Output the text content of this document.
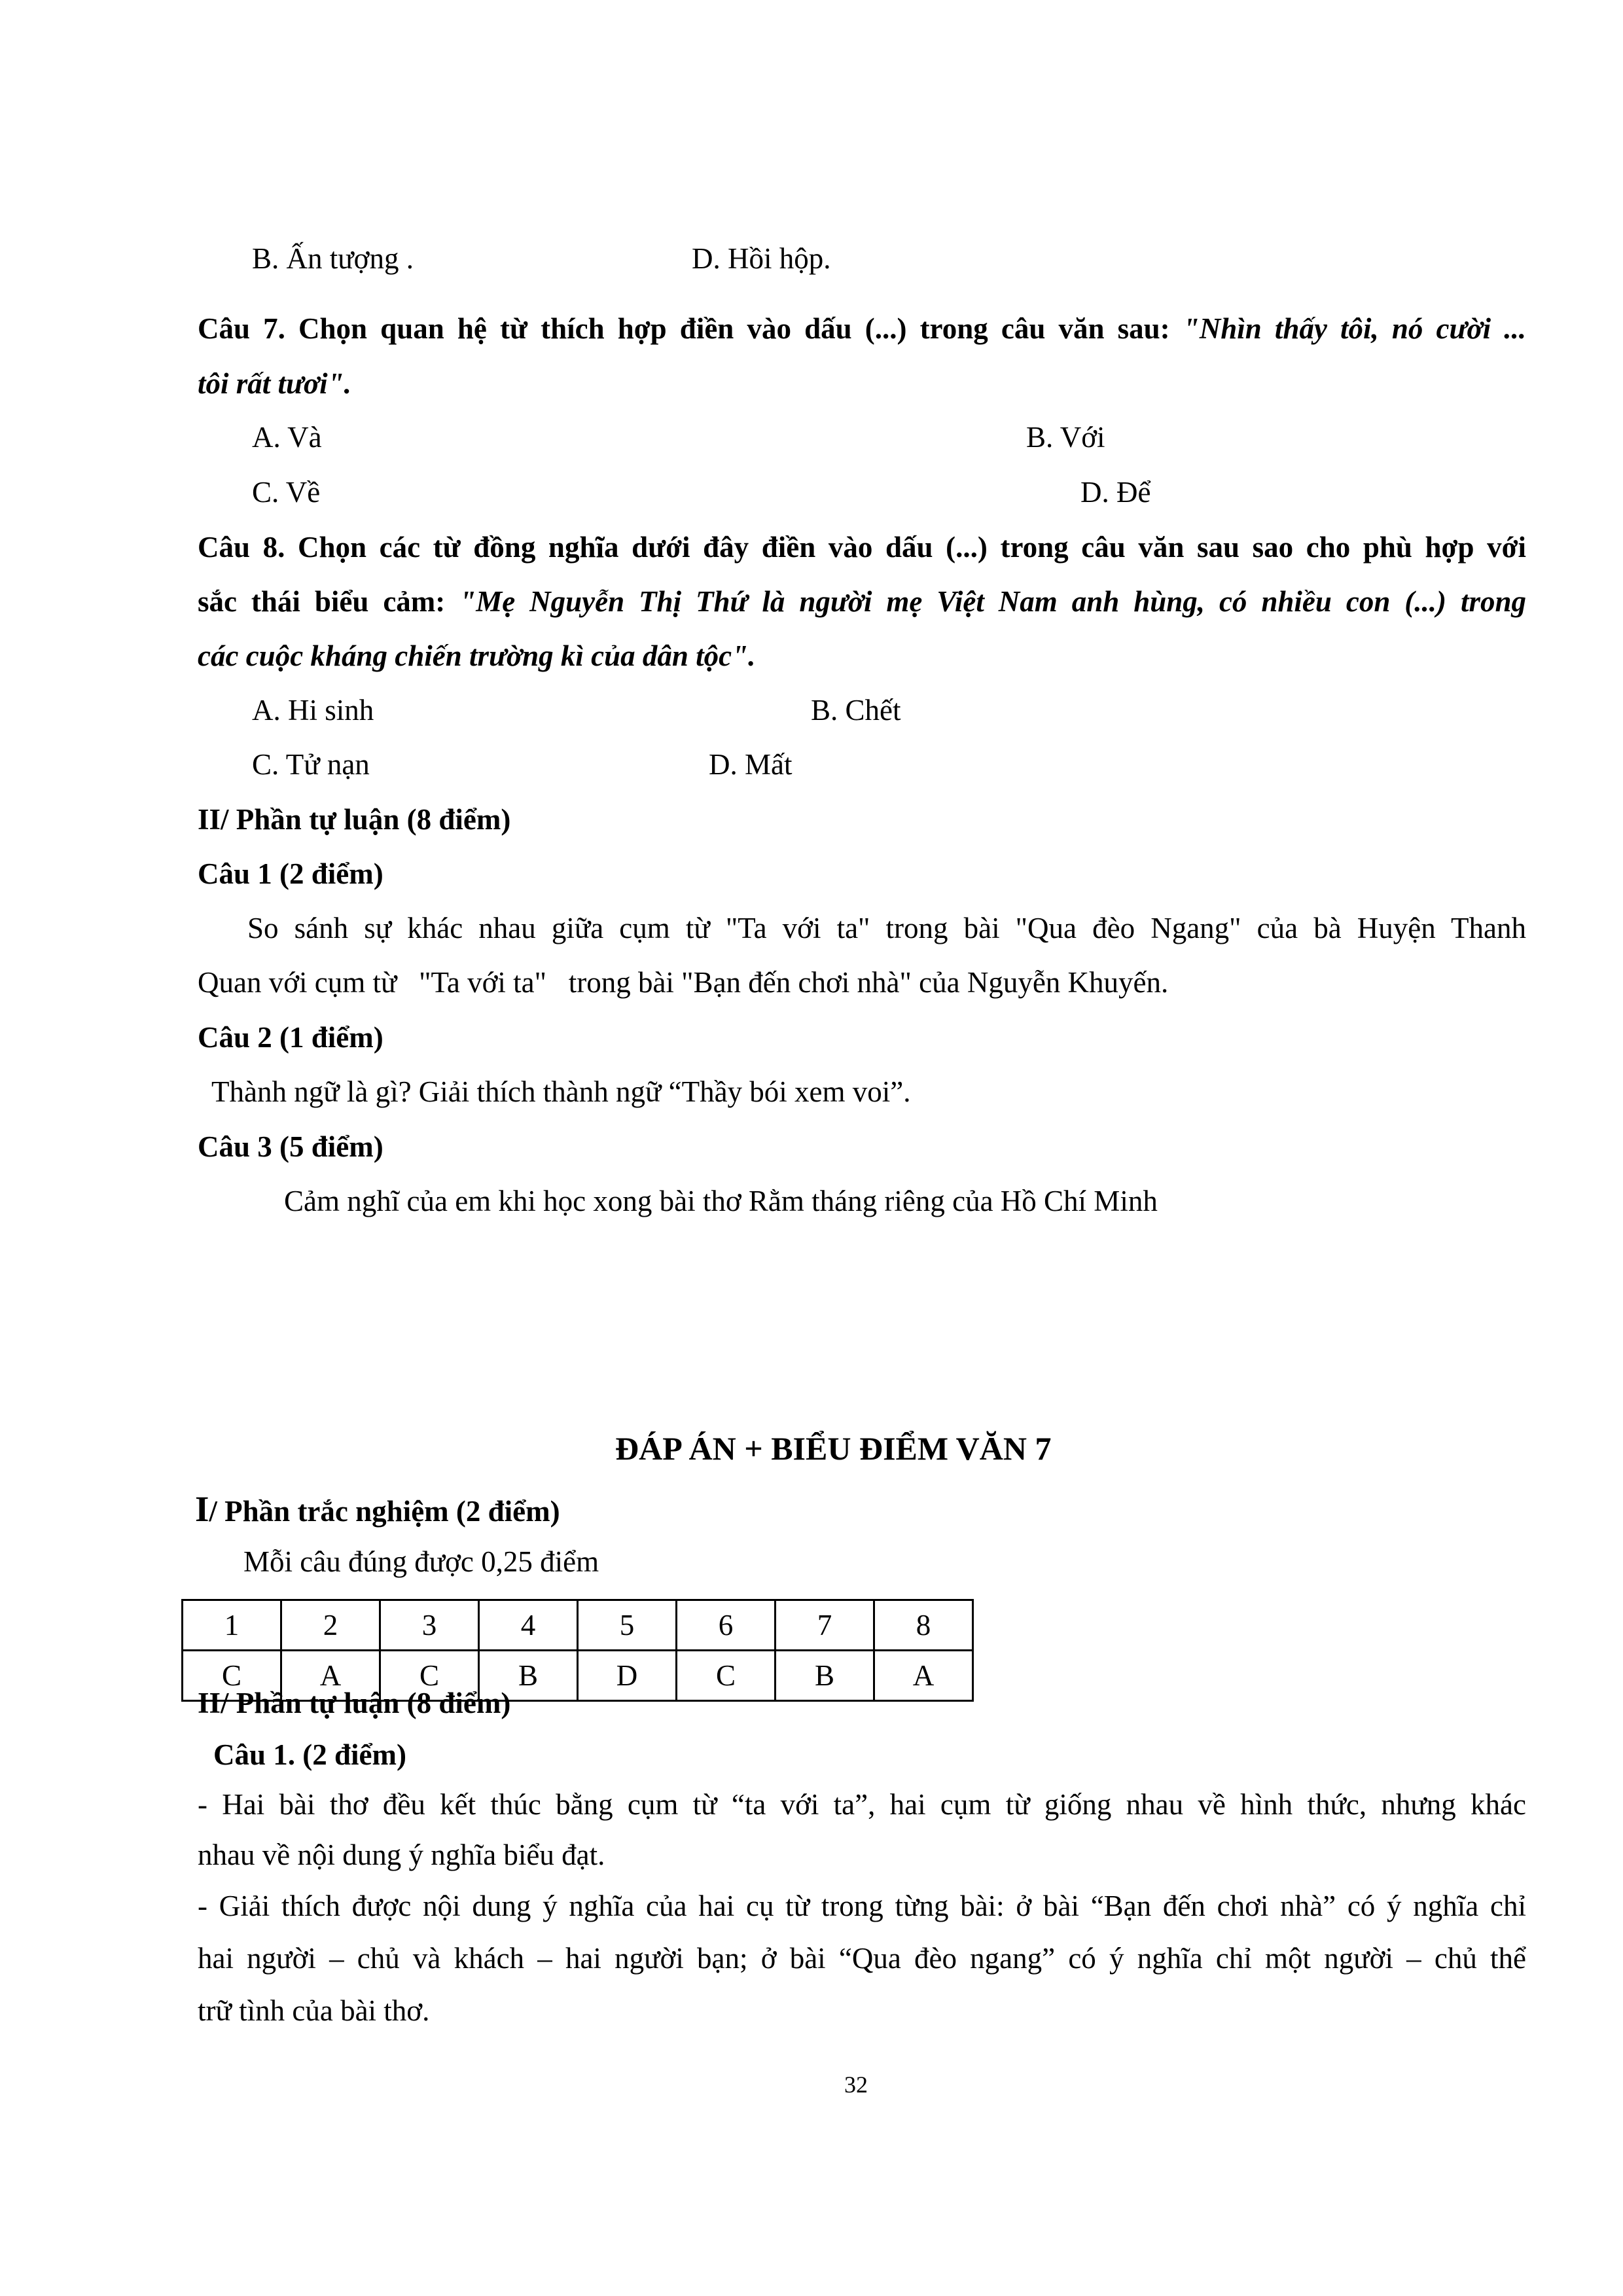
B. Ấn tượng .	D. Hồi hộp.
Câu 7. Chọn quan hệ từ thích hợp điền vào dấu (...) trong câu văn sau: "Nhìn thấy tôi, nó cười ...
tôi rất tươi".
A. Và	B. Với
C. Về	D. Để
Câu 8. Chọn các từ đồng nghĩa dưới đây điền vào dấu (...) trong câu văn sau sao cho phù hợp với
sắc thái biểu cảm: "Mẹ Nguyễn Thị Thứ là người mẹ Việt Nam anh hùng, có nhiều con (...) trong
các cuộc kháng chiến trường kì của dân tộc".
A. Hi sinh	B. Chết
C. Tử nạn	D. Mất
II/ Phần tự luận (8 điểm)
Câu 1 (2 điểm)
So sánh sự khác nhau giữa cụm từ "Ta với ta" trong bài "Qua đèo Ngang" của bà Huyện Thanh
Quan với cụm từ   "Ta với ta"   trong bài "Bạn đến chơi nhà" của Nguyễn Khuyến.
Câu 2 (1 điểm)
Thành ngữ là gì? Giải thích thành ngữ “Thầy bói xem voi”.
Câu 3 (5 điểm)
Cảm nghĩ của em khi học xong bài thơ Rằm tháng riêng của Hồ Chí Minh
ĐÁP ÁN + BIỂU ĐIỂM VĂN 7
I/ Phần trắc nghiệm (2 điểm)
Mỗi câu đúng được 0,25 điểm
1	2	3	4	5	6	7	8
C	A	C	B	D	C	B	A
II/ Phần tự luận (8 điểm)
Câu 1. (2 điểm)
- Hai bài thơ đều kết thúc bằng cụm từ “ta với ta”, hai cụm từ giống nhau về hình thức, nhưng khác
nhau về nội dung ý nghĩa biểu đạt.
- Giải thích được nội dung ý nghĩa của hai cụ từ trong từng bài: ở bài “Bạn đến chơi nhà” có ý nghĩa chỉ
hai người – chủ và khách – hai người bạn; ở bài “Qua đèo ngang” có ý nghĩa chỉ một người – chủ thể
trữ tình của bài thơ.
32
